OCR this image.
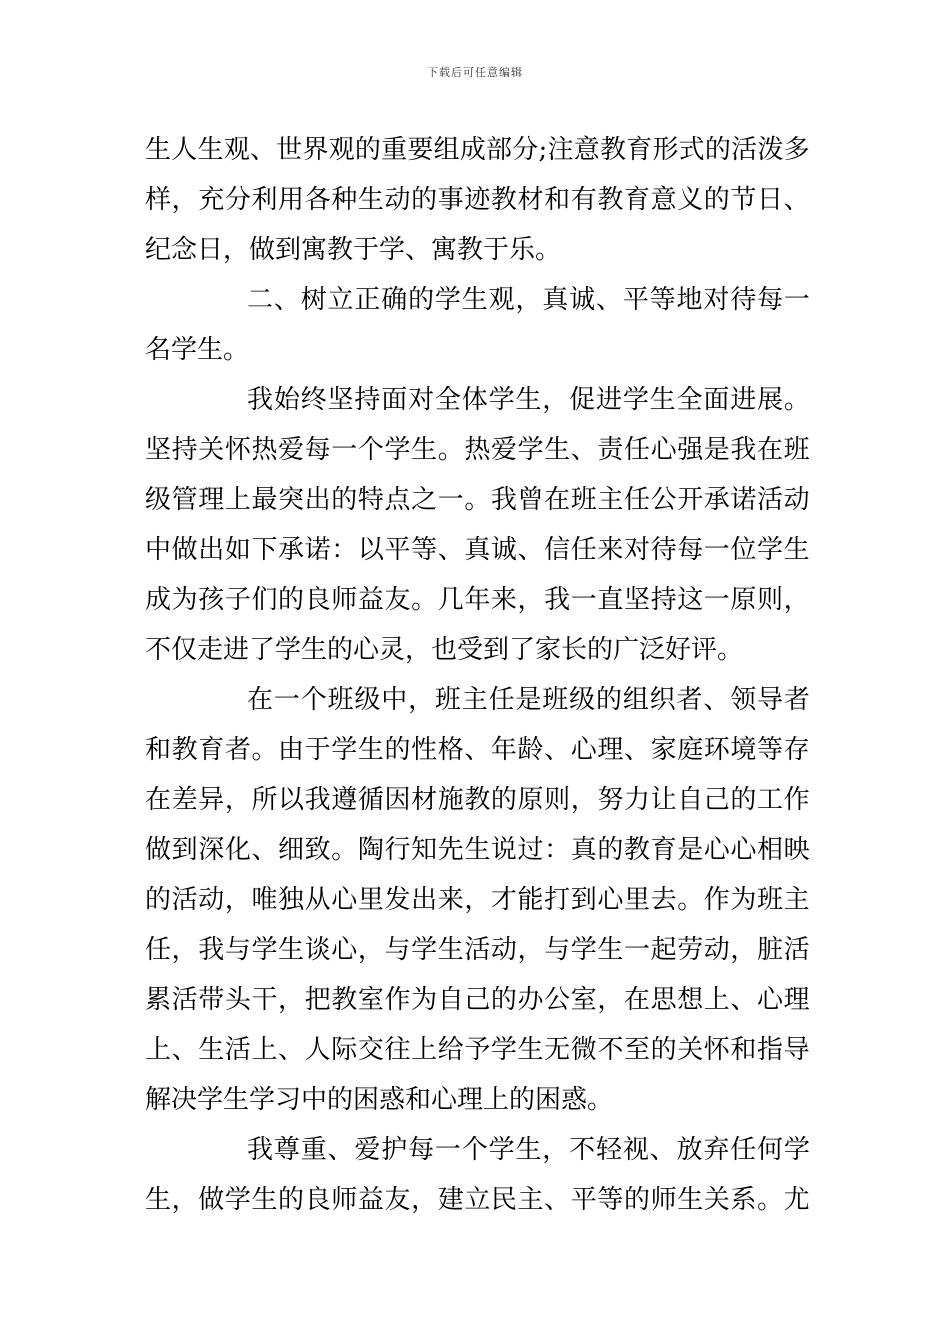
下载后可任意编辑
生 人 生 观 、 世 界 观 的 重 要 组 成 部 分 ; 注 意 教 育 形 式 的 活 泼 多
样 ， 充 分 利 用 各 种 生 动 的 事 迹 教 材 和 有 教 育 意 义 的 节 日 、
纪念日，做到寓教于学、寓教于乐。
二 、 树 立 正 确 的 学 生 观 ， 真 诚 、 平 等 地 对 待 每 一
名学生。
我 始 终 坚 持 面 对 全 体 学 生 ， 促 进 学 生 全 面 进 展 。
坚 持 关 怀 热 爱 每 一 个 学 生 。 热 爱 学 生 、 责 任 心 强 是 我 在 班
级 管 理 上 最 突 出 的 特 点 之 一 。 我 曾 在 班 主 任 公 开 承 诺 活 动
中 做 出 如 下 承 诺 ： 以 平 等 、 真 诚 、 信 任 来 对 待 每 一 位 学 生
成 为 孩 子 们 的 良 师 益 友 。 几 年 来 ， 我 一 直 坚 持 这 一 原 则 ，
不仅走进了学生的心灵，也受到了家长的广泛好评。
在 一 个 班 级 中 ， 班 主 任 是 班 级 的 组 织 者 、 领 导 者
和 教 育 者 。 由 于 学 生 的 性 格 、 年 龄 、 心 理 、 家 庭 环 境 等 存
在 差 异 ， 所 以 我 遵 循 因 材 施 教 的 原 则 ， 努 力 让 自 己 的 工 作
做 到 深 化 、 细 致 。 陶 行 知 先 生 说 过 ： 真 的 教 育 是 心 心 相 映
的 活 动 ， 唯 独 从 心 里 发 出 来 ， 才 能 打 到 心 里 去 。 作 为 班 主
任 ， 我 与 学 生 谈 心 ， 与 学 生 活 动 ， 与 学 生 一 起 劳 动 ， 脏 活
累 活 带 头 干 ， 把 教 室 作 为 自 己 的 办 公 室 ， 在 思 想 上 、 心 理
上 、 生 活 上 、 人 际 交 往 上 给 予 学 生 无 微 不 至 的 关 怀 和 指 导
解决学生学习中的困惑和心理上的困惑。
我 尊 重 、 爱 护 每 一 个 学 生 ， 不 轻 视 、 放 弃 任 何 学
生 ， 做 学 生 的 良 师 益 友 ， 建 立 民 主 、 平 等 的 师 生 关 系 。 尤
